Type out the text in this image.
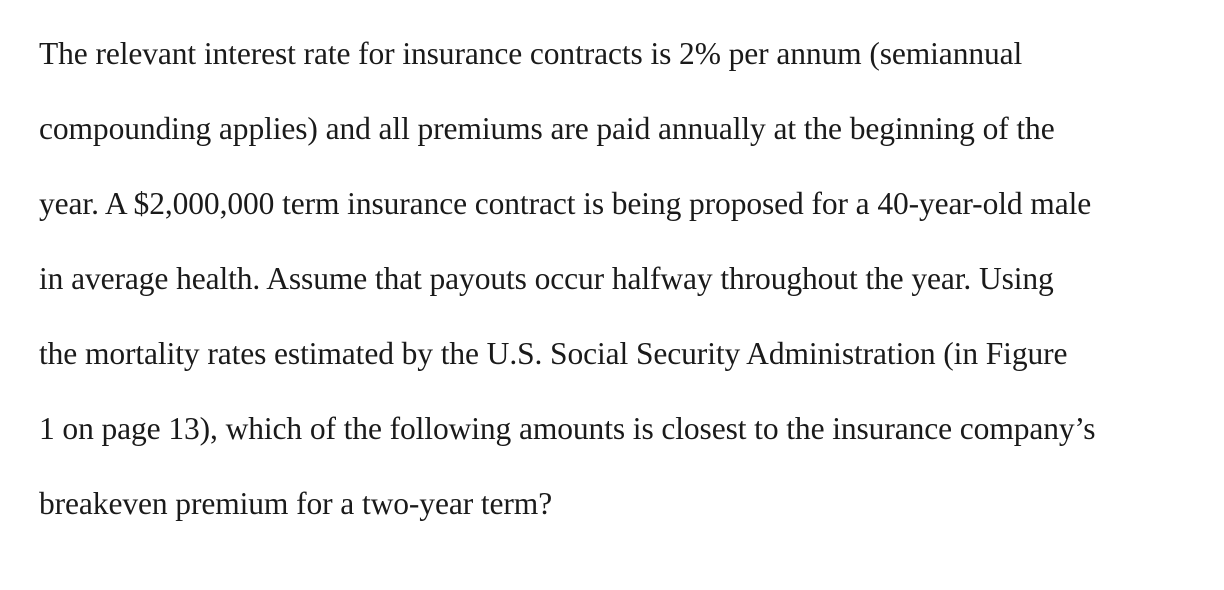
The relevant interest rate for insurance contracts is 2% per annum (semiannual
compounding applies) and all premiums are paid annually at the beginning of the
year. A $2,000,000 term insurance contract is being proposed for a 40-year-old male
in average health. Assume that payouts occur halfway throughout the year. Using
the mortality rates estimated by the U.S. Social Security Administration (in Figure
1 on page 13), which of the following amounts is closest to the insurance company’s
breakeven premium for a two-year term?
